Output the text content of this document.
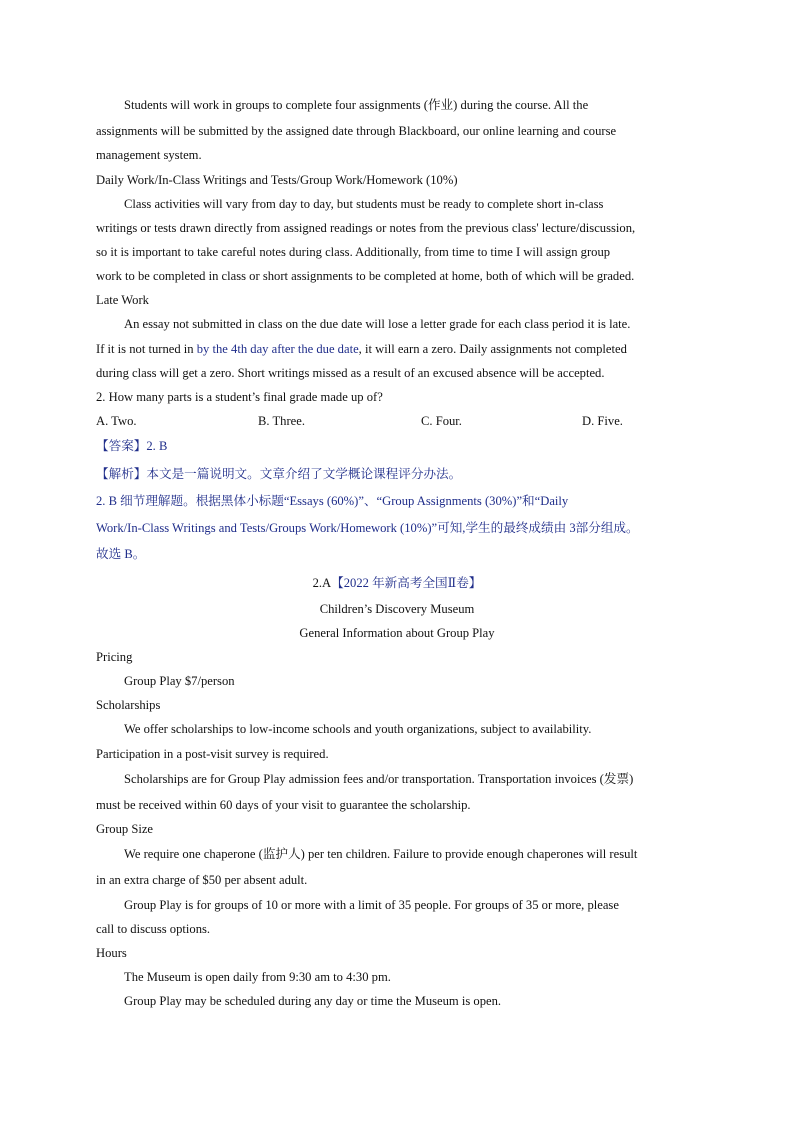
Students will work in groups to complete four assignments (作业) during the course. All the
assignments will be submitted by the assigned date through Blackboard, our online learning and course
management system.
Daily Work/In-Class Writings and Tests/Group Work/Homework (10%)
Class activities will vary from day to day, but students must be ready to complete short in-class
writings or tests drawn directly from assigned readings or notes from the previous class' lecture/discussion,
so it is important to take careful notes during class. Additionally, from time to time I will assign group
work to be completed in class or short assignments to be completed at home, both of which will be graded.
Late Work
An essay not submitted in class on the due date will lose a letter grade for each class period it is late.
If it is not turned in by the 4th day after the due date, it will earn a zero. Daily assignments not completed
during class will get a zero. Short writings missed as a result of an excused absence will be accepted.
2. How many parts is a student’s final grade made up of?
A. Two.	B. Three.	C. Four.	D. Five.
【答案】2. B
【解析】本文是一篇说明文。文章介绍了文学概论课程评分办法。
2. B 细节理解题。根据黑体小标题“Essays (60%)”、“Group Assignments (30%)”和“Daily
Work/In-Class Writings and Tests/Groups Work/Homework (10%)”可知,学生的最终成绩由 3部分组成。
故选 B。
2.A【2022 年新高考全国Ⅱ卷】
Children’s Discovery Museum
General Information about Group Play
Pricing
Group Play $7/person
Scholarships
We offer scholarships to low-income schools and youth organizations, subject to availability.
Participation in a post-visit survey is required.
Scholarships are for Group Play admission fees and/or transportation. Transportation invoices (发票)
must be received within 60 days of your visit to guarantee the scholarship.
Group Size
We require one chaperone (监护人) per ten children. Failure to provide enough chaperones will result
in an extra charge of $50 per absent adult.
Group Play is for groups of 10 or more with a limit of 35 people. For groups of 35 or more, please
call to discuss options.
Hours
The Museum is open daily from 9:30 am to 4:30 pm.
Group Play may be scheduled during any day or time the Museum is open.
